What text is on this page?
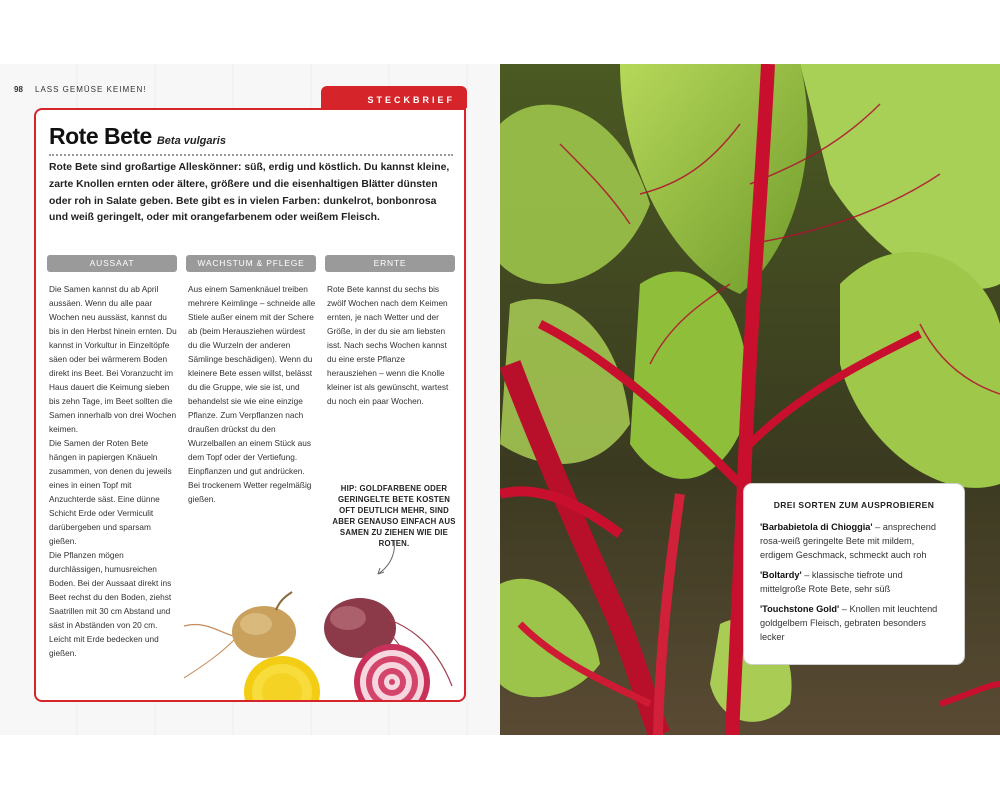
98 LASS GEMÜSE KEIMEN!
STECKBRIEF
Rote Bete Beta vulgaris
Rote Bete sind großartige Alleskönner: süß, erdig und köstlich. Du kannst kleine, zarte Knollen ernten oder ältere, größere und die eisenhaltigen Blätter dünsten oder roh in Salate geben. Bete gibt es in vielen Farben: dunkelrot, bonbonrosa und weiß geringelt, oder mit orangefarbenem oder weißem Fleisch.
AUSSAAT	WACHSTUM & PFLEGE	ERNTE

Die Samen kannst du ab April aussäen. Wenn du alle paar Wochen neu aussäst, kannst du bis in den Herbst hinein ernten. Du kannst in Vorkultur in Einzeltöpfe säen oder bei wärmerem Boden direkt ins Beet. Bei Voranzucht im Haus dauert die Keimung sieben bis zehn Tage, im Beet sollten die Samen innerhalb von drei Wochen keimen.

Die Samen der Roten Bete hängen in papiergen Knäueln zusammen, von denen du jeweils eines in einen Topf mit Anzuchterde säst. Eine dünne Schicht Erde oder Vermiculit darübergeben und sparsam gießen.

Die Pflanzen mögen durchlässigen, humusreichen Boden. Bei der Aussaat direkt ins Beet rechst du den Boden, ziehst Saatrillen mit 30 cm Abstand und säst in Abständen von 20 cm. Leicht mit Erde bedecken und gießen.

Aus einem Samenknäuel treiben mehrere Keimlinge – schneide alle Stiele außer einem mit der Schere ab (beim Herausziehen würdest du die Wurzeln der anderen Sämlinge beschädigen). Wenn du kleinere Bete essen willst, belässt du die Gruppe, wie sie ist, und behandelst sie wie eine einzige Pflanze. Zum Verpflanzen nach draußen drückst du den Wurzelballen an einem Stück aus dem Topf oder der Vertiefung. Einpflanzen und gut andrücken.

Bei trockenem Wetter regelmäßig gießen.

Rote Bete kannst du sechs bis zwölf Wochen nach dem Keimen ernten, je nach Wetter und der Größe, in der du sie am liebsten isst. Nach sechs Wochen kannst du eine erste Pflanze herausziehen – wenn die Knolle kleiner ist als gewünscht, wartest du noch ein paar Wochen.

HIP: GOLDFARBENE ODER GERINGELTE BETE KOSTEN OFT DEUTLICH MEHR, SIND ABER GENAUSO EINFACH AUS SAMEN ZU ZIEHEN WIE DIE ROTEN.
DREI SORTEN ZUM AUSPROBIEREN

'Barbabietola di Chioggia' – ansprechend rosa-weiß geringelte Bete mit mildem, erdigem Geschmack, schmeckt auch roh

'Boltardy' – klassische tiefrote und mittelgroße Rote Bete, sehr süß

'Touchstone Gold' – Knollen mit leuchtend goldgelbem Fleisch, gebraten besonders lecker
